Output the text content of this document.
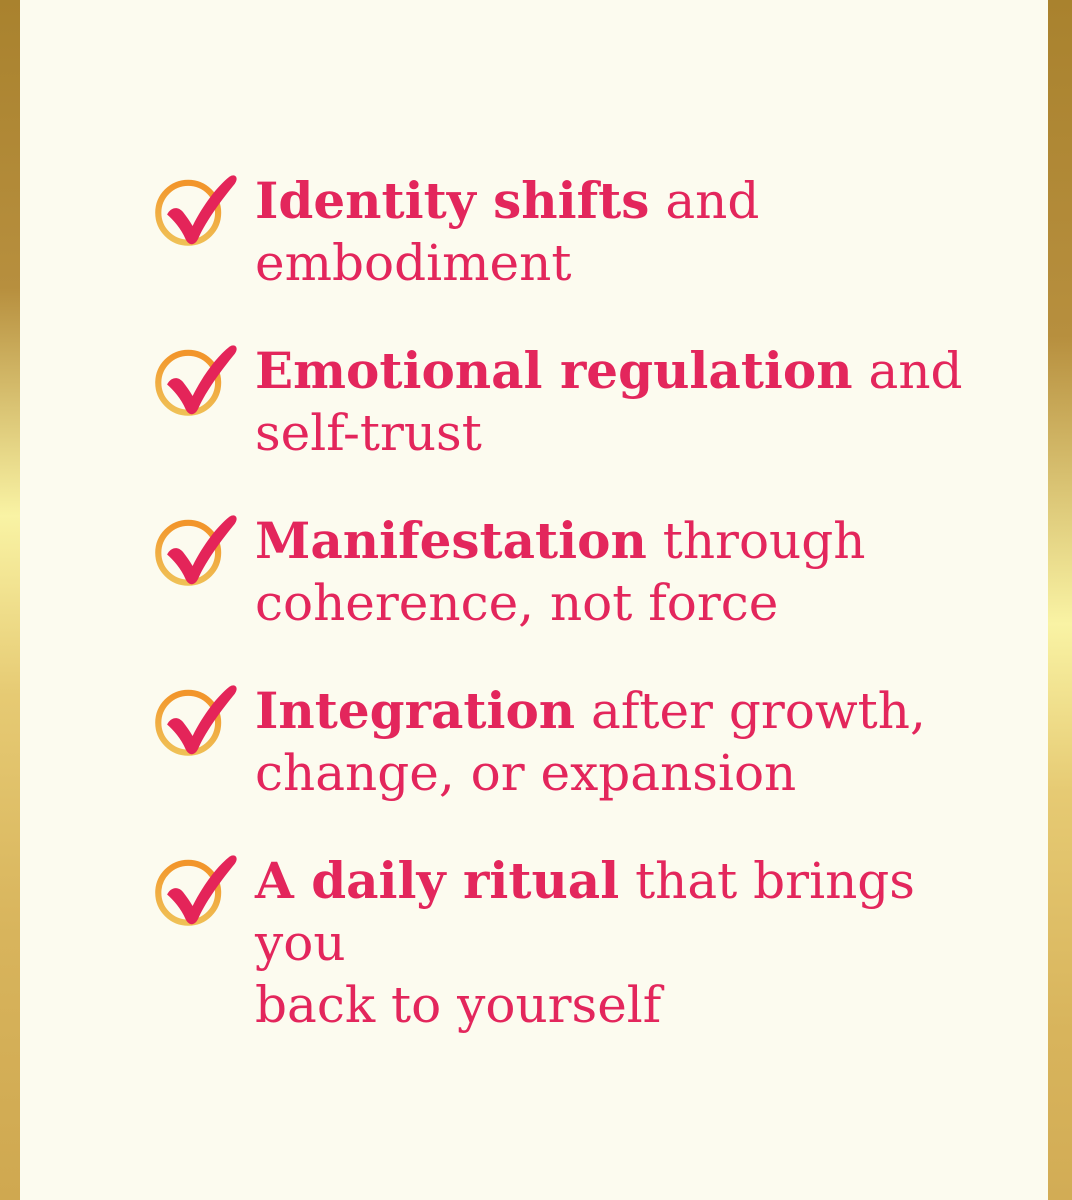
Identity shifts and
embodiment

Emotional regulation and
self-trust

Manifestation through
coherence, not force

Integration after growth,
change, or expansion

A daily ritual that brings you
back to yourself
